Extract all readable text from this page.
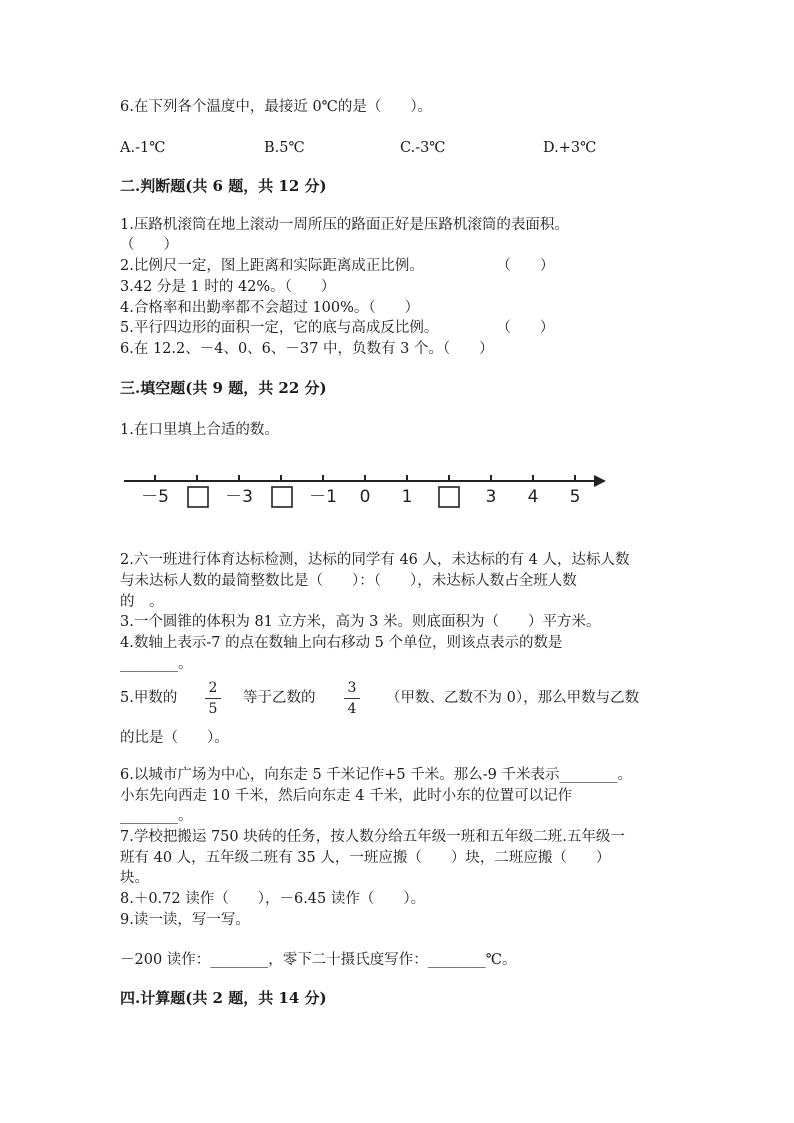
6.在下列各个温度中，最接近 0℃的是（　　）。
A.-1℃	B.5℃	C.-3℃	D.+3℃
二.判断题(共 6 题，共 12 分)
1.压路机滚筒在地上滚动一周所压的路面正好是压路机滚筒的表面积。
（　　）
2.比例尺一定，图上距离和实际距离成正比例。　　　　　　（　　）
3.42 分是 1 时的 42%。（　　）
4.合格率和出勤率都不会超过 100%。（　　）
5.平行四边形的面积一定，它的底与高成反比例。　　　　　（　　）
6.在 12.2、－4、0、6、－37 中，负数有 3 个。（　　）
三.填空题(共 9 题，共 22 分)
1.在口里填上合适的数。
－5	－3	－1 0 1	3 4 5
2.六一班进行体育达标检测，达标的同学有 46 人，未达标的有 4 人，达标人数
与未达标人数的最简整数比是（　　）：（　　），未达标人数占全班人数
的　。
3.一个圆锥的体积为 81 立方米，高为 3 米。则底面积为（　　）平方米。
4.数轴上表示-7 的点在数轴上向右移动 5 个单位，则该点表示的数是
________。
5.甲数的
2
5
等于乙数的
3
4
（甲数、乙数不为 0），那么甲数与乙数
的比是（　　）。
6.以城市广场为中心，向东走 5 千米记作+5 千米。那么-9 千米表示________。
小东先向西走 10 千米，然后向东走 4 千米，此时小东的位置可以记作
________。
7.学校把搬运 750 块砖的任务，按人数分给五年级一班和五年级二班.五年级一
班有 40 人，五年级二班有 35 人，一班应搬（　　）块，二班应搬（　　）
块。
8.＋0.72 读作（　　），－6.45 读作（　　）。
9.读一读，写一写。
－200 读作：________，零下二十摄氏度写作：________℃。
四.计算题(共 2 题，共 14 分)
